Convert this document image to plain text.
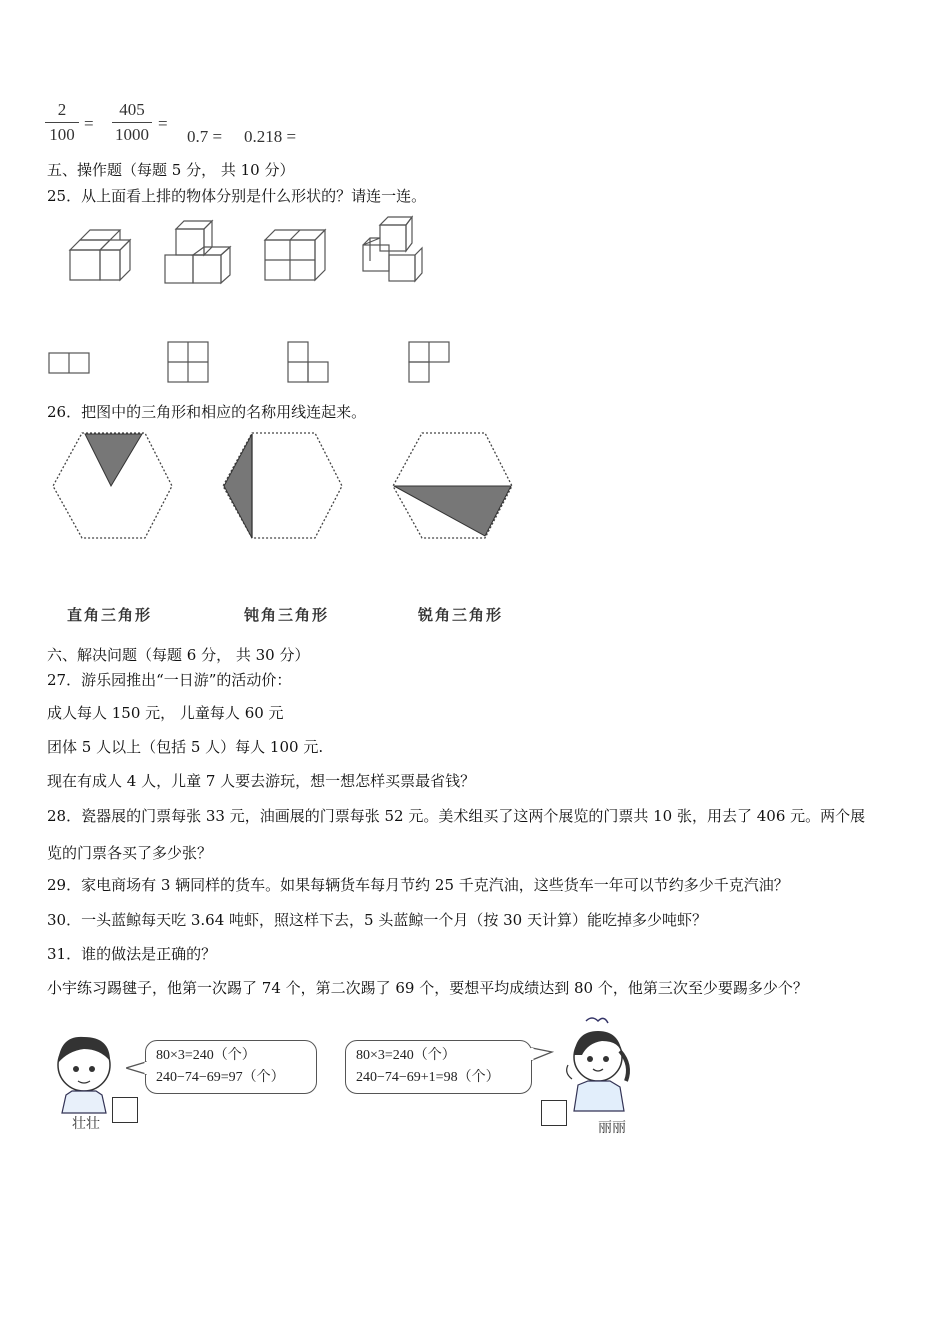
$\frac{2}{100} = \frac{405}{1000}$ =
0.7 = 0.218 =
五、操作题（每题 5 分， 共 10 分）
25．从上面看上排的物体分别是什么形状的？请连一连。
26．把图中的三角形和相应的名称用线连起来。
直角三角形	钝角三角形	锐角三角形
六、解决问题（每题 6 分， 共 30 分）
27．游乐园推出“一日游”的活动价：
成人每人 150 元， 儿童每人 60 元
团体 5 人以上（包括 5 人）每人 100 元.
现在有成人 4 人，儿童 7 人要去游玩，想一想怎样买票最省钱？
28．瓷器展的门票每张 33 元，油画展的门票每张 52 元。美术组买了这两个展览的门票共 10 张，用去了 406 元。两个展
览的门票各买了多少张？
29．家电商场有 3 辆同样的货车。如果每辆货车每月节约 25 千克汽油，这些货车一年可以节约多少千克汽油？
30．一头蓝鲸每天吃 3.64 吨虾，照这样下去，5 头蓝鲸一个月（按 30 天计算）能吃掉多少吨虾？
31．谁的做法是正确的？
小宇练习踢毽子，他第一次踢了 74 个，第二次踢了 69 个，要想平均成绩达到 80 个，他第三次至少要踢多少个？
壮壮
80×3=240（个）
240−74−69=97（个）
80×3=240（个）
240−74−69+1=98（个）
丽丽
